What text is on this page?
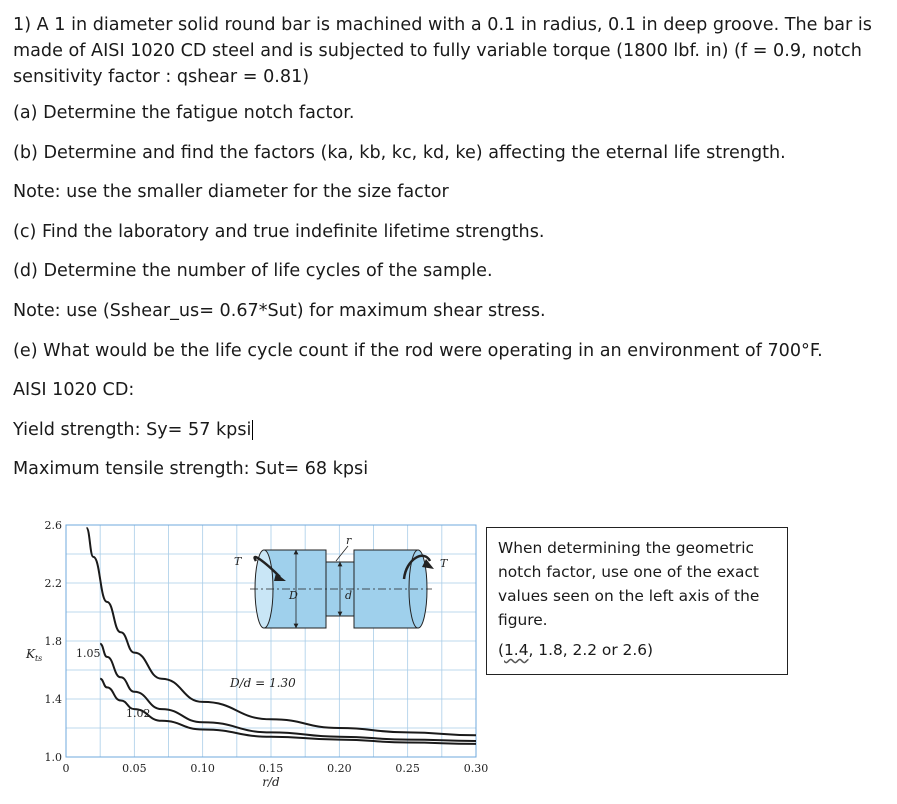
1) A 1 in diameter solid round bar is machined with a 0.1 in radius, 0.1 in deep groove. The bar is made of AISI 1020 CD steel and is subjected to fully variable torque (1800 lbf. in) (f = 0.9, notch sensitivity factor : qshear = 0.81)

(a) Determine the fatigue notch factor.

(b) Determine and find the factors (ka, kb, kc, kd, ke) affecting the eternal life strength.

Note: use the smaller diameter for the size factor

(c) Find the laboratory and true indefinite lifetime strengths.

(d) Determine the number of life cycles of the sample.

Note: use (Sshear_us= 0.67*Sut) for maximum shear stress.

(e) What would be the life cycle count if the rod were operating in an environment of 700°F.

AISI 1020 CD:

Yield strength: Sy= 57 kpsi

Maximum tensile strength: Sut= 68 kpsi

1.0
1.4
1.8
2.2
2.6
0	0.05	0.10	0.15	0.20	0.25	0.30
$K_{ts}$
r/d
D/d = 1.30
1.05
1.02
D	d
r
T	T

When determining the geometric notch factor, use one of the exact values seen on the left axis of the figure.

(1.4, 1.8, 2.2 or 2.6)
